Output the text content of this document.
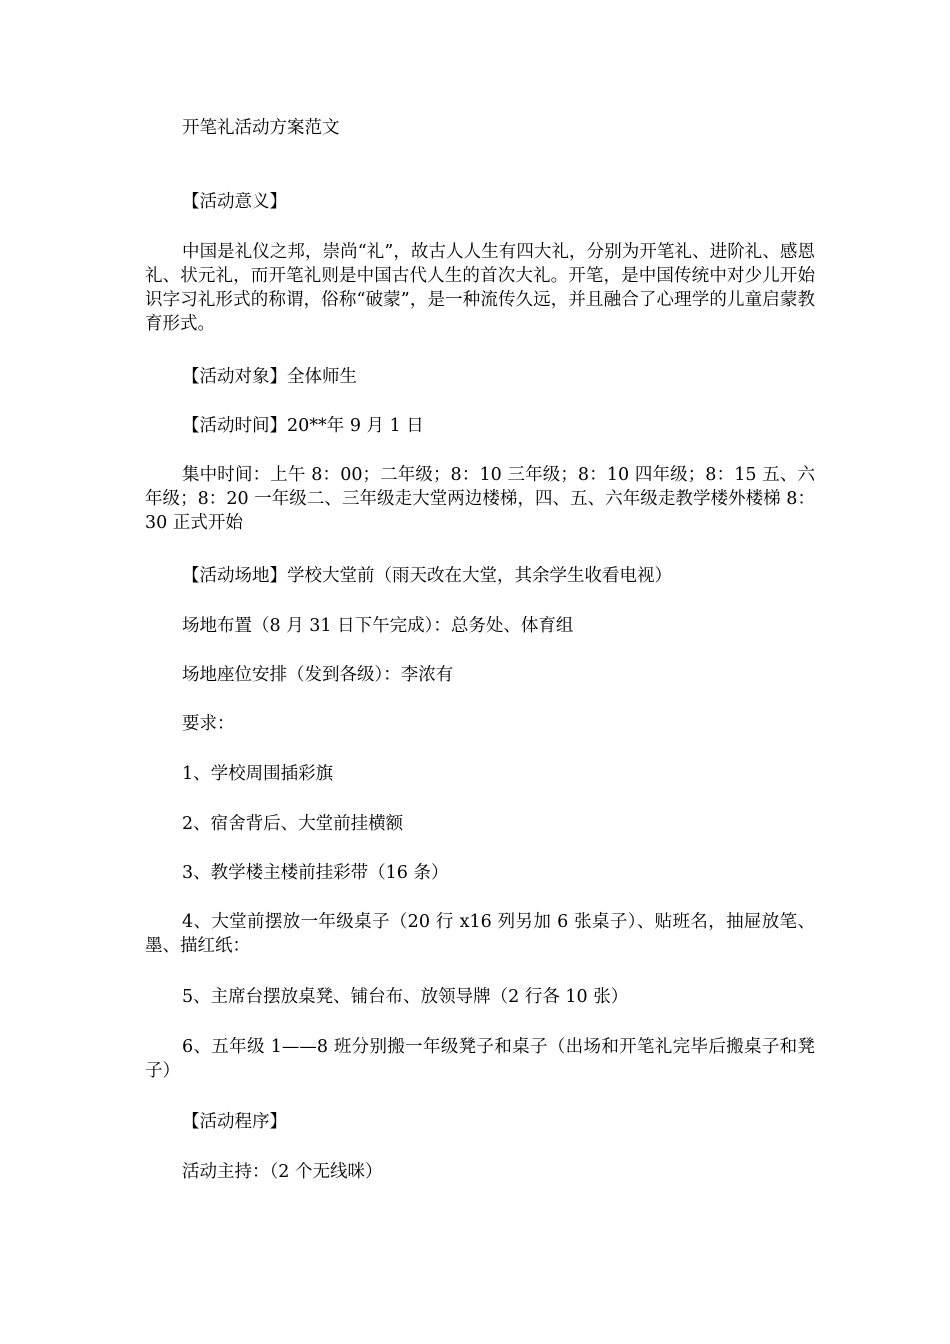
开笔礼活动方案范文

【活动意义】

中国是礼仪之邦，崇尚“礼”，故古人人生有四大礼，分别为开笔礼、进阶礼、感恩礼、状元礼，而开笔礼则是中国古代人生的首次大礼。开笔，是中国传统中对少儿开始识字习礼形式的称谓，俗称“破蒙”，是一种流传久远，并且融合了心理学的儿童启蒙教育形式。

【活动对象】全体师生

【活动时间】20**年 9 月 1 日

集中时间：上午 8：00；二年级；8：10 三年级；8：10 四年级；8：15 五、六年级；8：20 一年级二、三年级走大堂两边楼梯，四、五、六年级走教学楼外楼梯 8：30 正式开始

【活动场地】学校大堂前（雨天改在大堂，其余学生收看电视）

场地布置（8 月 31 日下午完成）：总务处、体育组

场地座位安排（发到各级）：李浓有

要求：

1、学校周围插彩旗

2、宿舍背后、大堂前挂横额

3、教学楼主楼前挂彩带（16 条）

4、大堂前摆放一年级桌子（20 行 x16 列另加 6 张桌子）、贴班名，抽屉放笔、墨、描红纸：

5、主席台摆放桌凳、铺台布、放领导牌（2 行各 10 张）

6、五年级 1——8 班分别搬一年级凳子和桌子（出场和开笔礼完毕后搬桌子和凳子）

【活动程序】

活动主持：（2 个无线咪）
